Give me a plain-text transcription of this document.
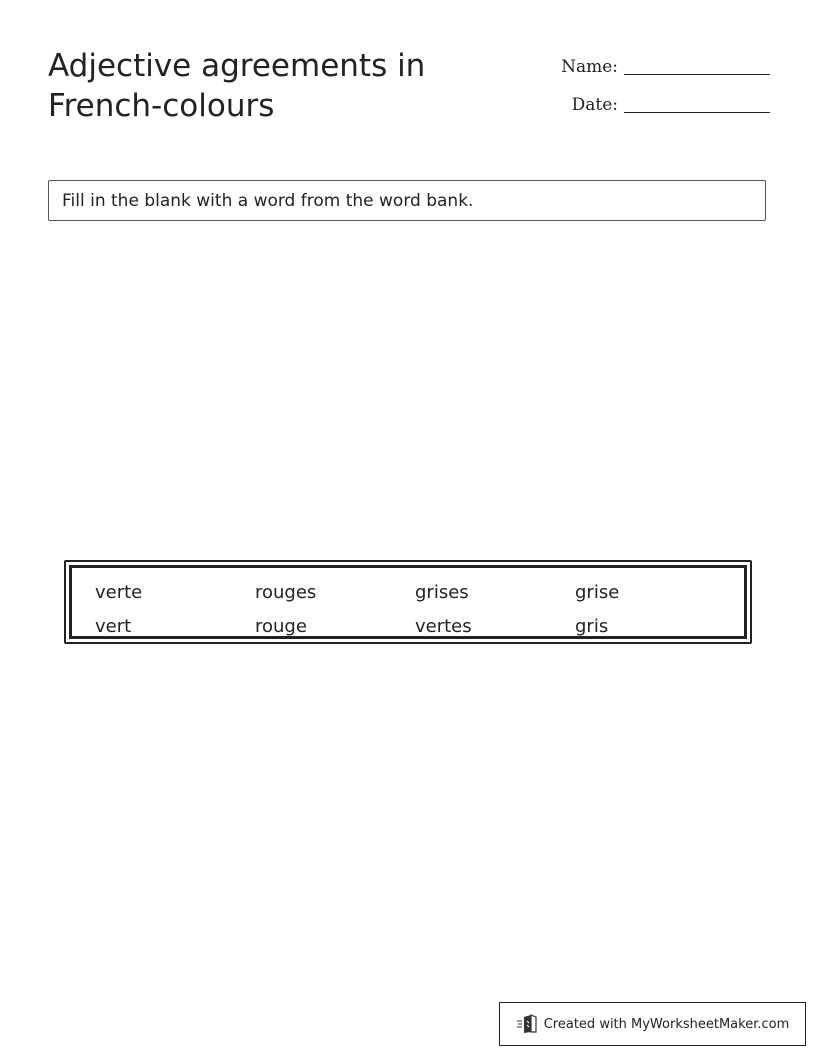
Adjective agreements in French-colours
Name:
Date:
Fill in the blank with a word from the word bank.
verte	rouges	grises	grise
vert	rouge	vertes	gris
Created with MyWorksheetMaker.com
